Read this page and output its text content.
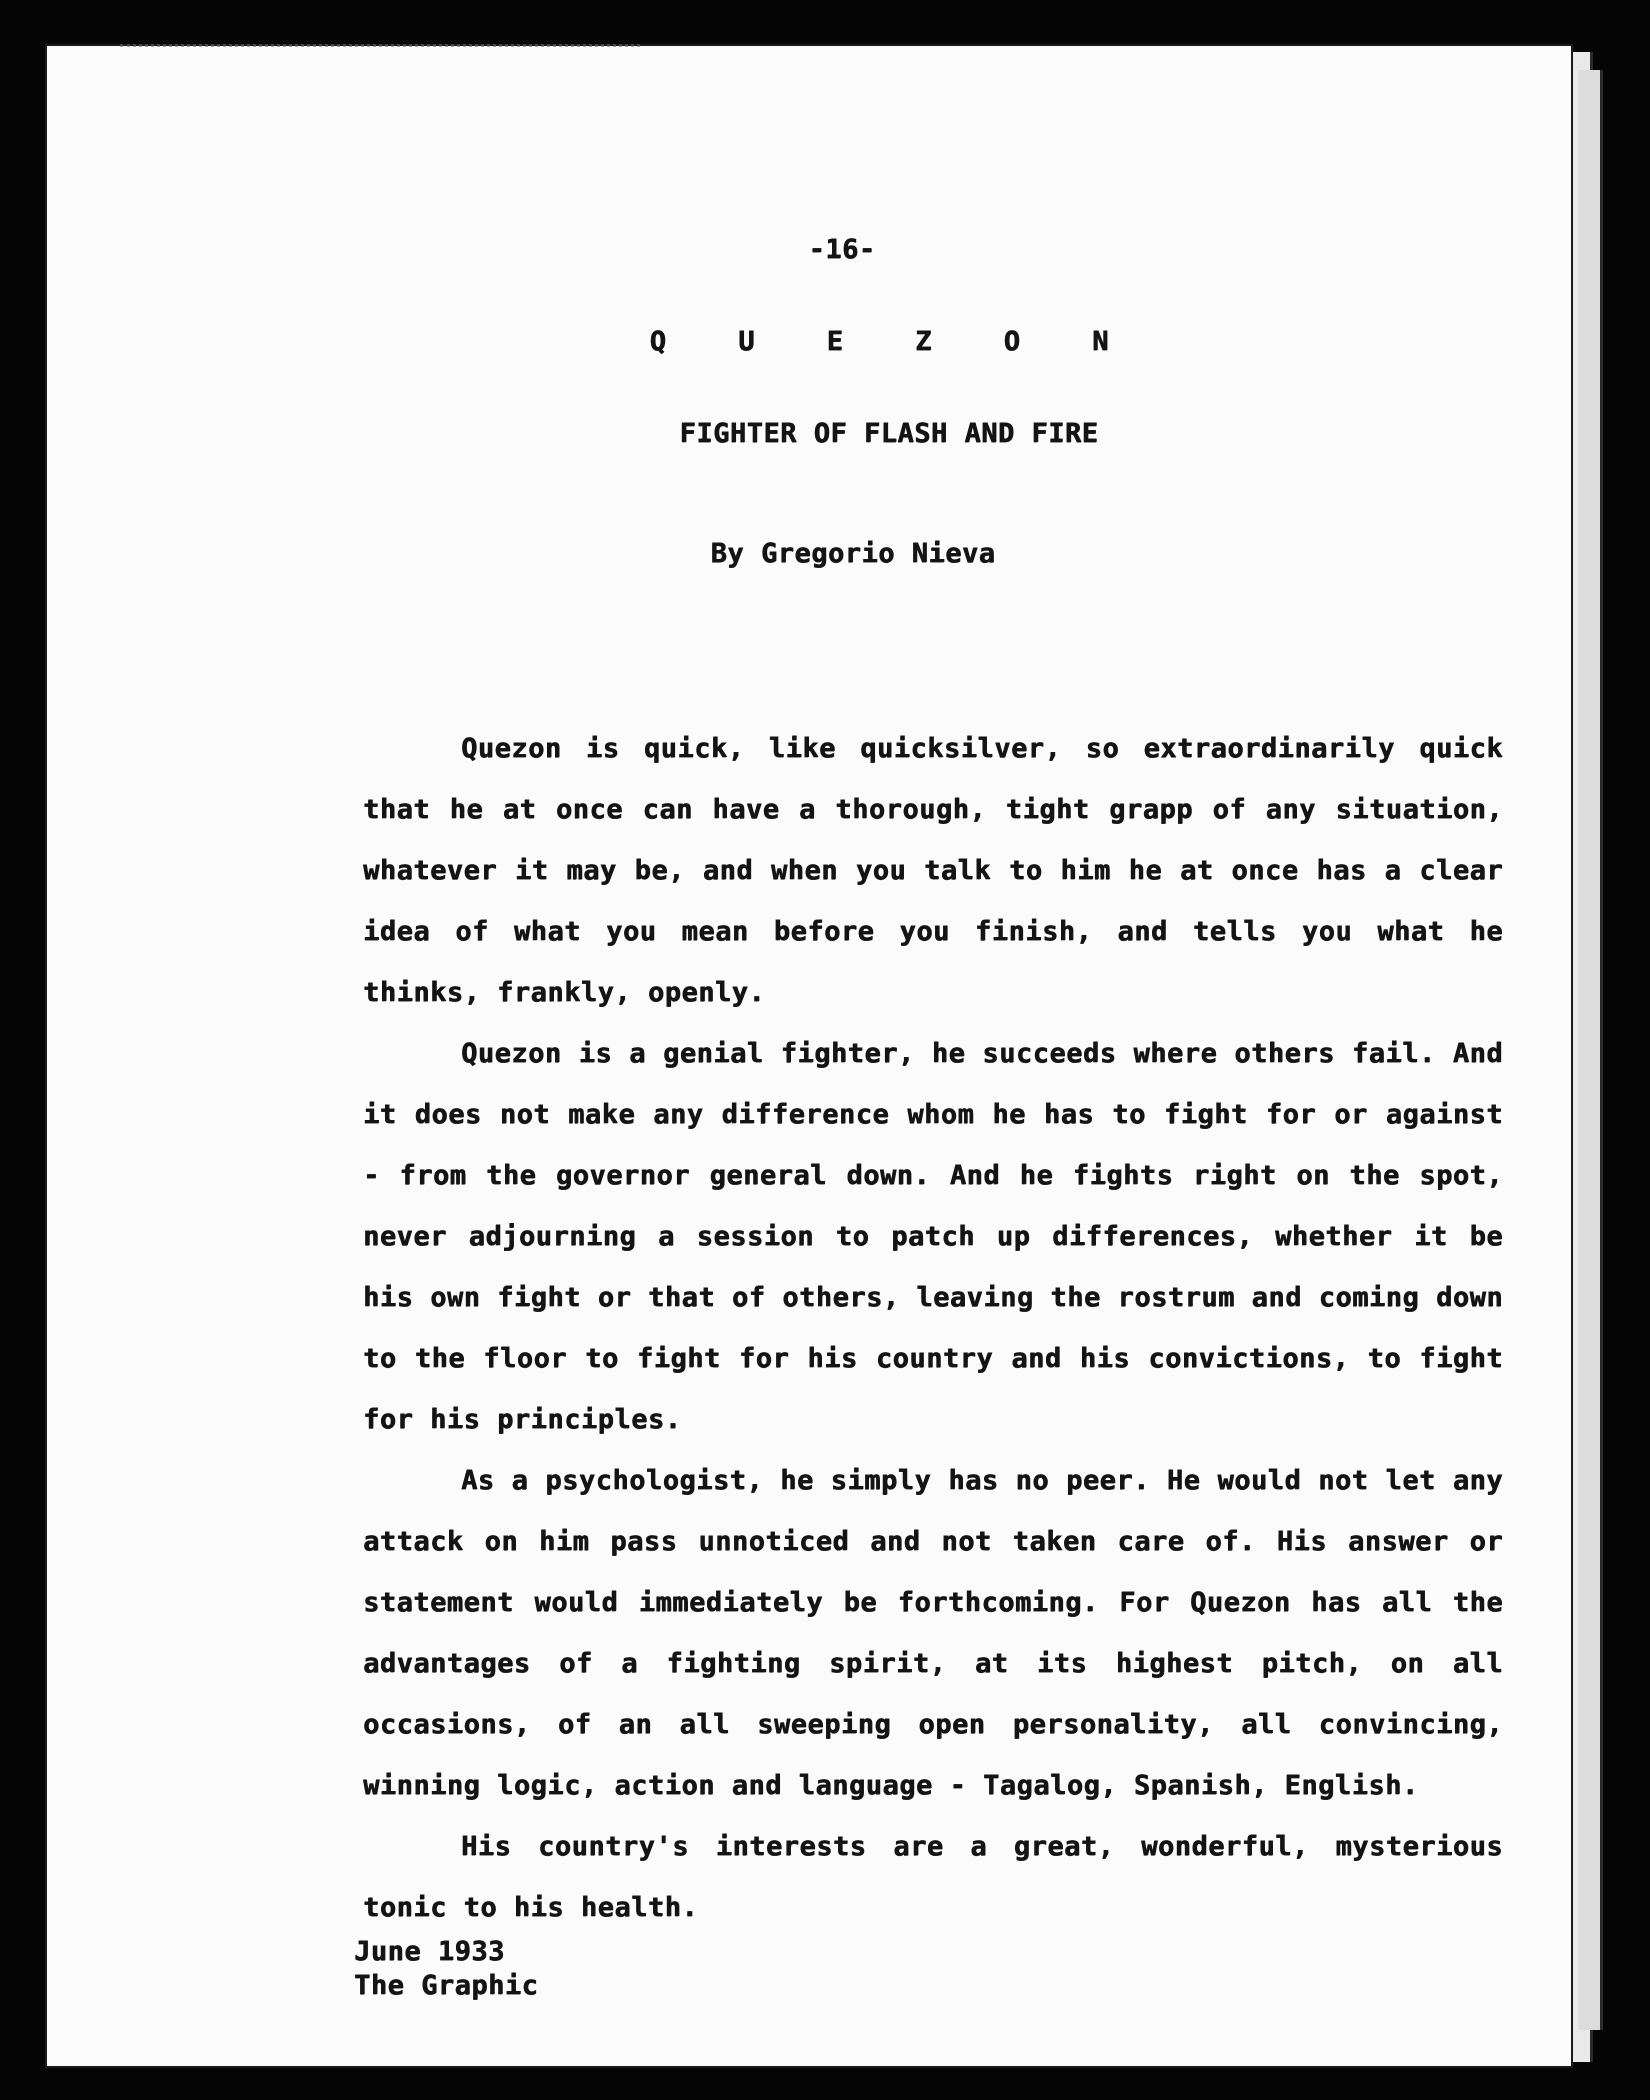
-16-
Q U E Z O N
FIGHTER OF FLASH AND FIRE
By Gregorio Nieva

Quezon is quick, like quicksilver, so extraordinarily quick that he at once can have a thorough, tight grapp of any situation, whatever it may be, and when you talk to him he at once has a clear idea of what you mean before you finish, and tells you what he thinks, frankly, openly.

Quezon is a genial fighter, he succeeds where others fail. And it does not make any difference whom he has to fight for or against - from the governor general down. And he fights right on the spot, never adjourning a session to patch up differences, whether it be his own fight or that of others, leaving the rostrum and coming down to the floor to fight for his country and his convictions, to fight for his principles.

As a psychologist, he simply has no peer. He would not let any attack on him pass unnoticed and not taken care of. His answer or statement would immediately be forthcoming. For Quezon has all the advantages of a fighting spirit, at its highest pitch, on all occasions, of an all sweeping open personality, all convincing, winning logic, action and language - Tagalog, Spanish, English.

His country's interests are a great, wonderful, mysterious tonic to his health.

June 1933
The Graphic
